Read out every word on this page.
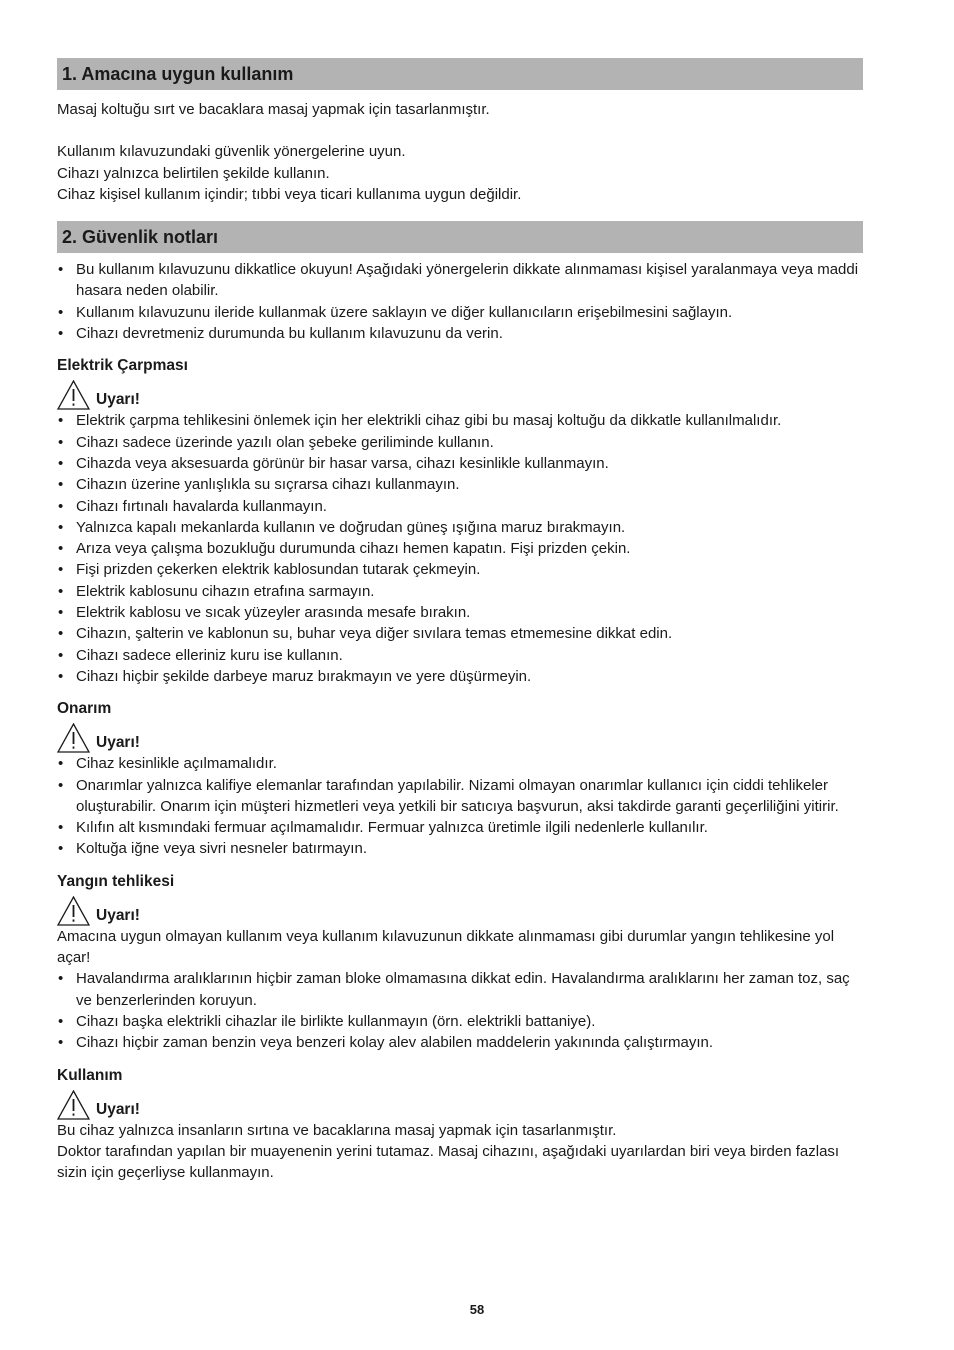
1. Amacına uygun kullanım

Masaj koltuğu sırt ve bacaklara masaj yapmak için tasarlanmıştır.

Kullanım kılavuzundaki güvenlik yönergelerine uyun.

Cihazı yalnızca belirtilen şekilde kullanın.

Cihaz kişisel kullanım içindir; tıbbi veya ticari kullanıma uygun değildir.

2. Güvenlik notları
• Bu kullanım kılavuzunu dikkatlice okuyun! Aşağıdaki yönergelerin dikkate alınmaması kişisel yaralanmaya veya maddi hasara neden olabilir.
• Kullanım kılavuzunu ileride kullanmak üzere saklayın ve diğer kullanıcıların erişebilmesini sağlayın.
• Cihazı devretmeniz durumunda bu kullanım kılavuzunu da verin.

Elektrik Çarpması

Uyarı!
• Elektrik çarpma tehlikesini önlemek için her elektrikli cihaz gibi bu masaj koltuğu da dikkatle kullanılmalıdır.
• Cihazı sadece üzerinde yazılı olan şebeke geriliminde kullanın.
• Cihazda veya aksesuarda görünür bir hasar varsa, cihazı kesinlikle kullanmayın.
• Cihazın üzerine yanlışlıkla su sıçrarsa cihazı kullanmayın.
• Cihazı fırtınalı havalarda kullanmayın.
• Yalnızca kapalı mekanlarda kullanın ve doğrudan güneş ışığına maruz bırakmayın.
• Arıza veya çalışma bozukluğu durumunda cihazı hemen kapatın. Fişi prizden çekin.
• Fişi prizden çekerken elektrik kablosundan tutarak çekmeyin.
• Elektrik kablosunu cihazın etrafına sarmayın.
• Elektrik kablosu ve sıcak yüzeyler arasında mesafe bırakın.
• Cihazın, şalterin ve kablonun su, buhar veya diğer sıvılara temas etmemesine dikkat edin.
• Cihazı sadece elleriniz kuru ise kullanın.
• Cihazı hiçbir şekilde darbeye maruz bırakmayın ve yere düşürmeyin.

Onarım

Uyarı!
• Cihaz kesinlikle açılmamalıdır.
• Onarımlar yalnızca kalifiye elemanlar tarafından yapılabilir. Nizami olmayan onarımlar kullanıcı için ciddi tehlikeler oluşturabilir. Onarım için müşteri hizmetleri veya yetkili bir satıcıya başvurun, aksi takdirde garanti geçerliliğini yitirir.
• Kılıfın alt kısmındaki fermuar açılmamalıdır. Fermuar yalnızca üretimle ilgili nedenlerle kullanılır.
• Koltuğa iğne veya sivri nesneler batırmayın.

Yangın tehlikesi

Uyarı!

Amacına uygun olmayan kullanım veya kullanım kılavuzunun dikkate alınmaması gibi durumlar yangın tehlikesine yol açar!

• Havalandırma aralıklarının hiçbir zaman bloke olmamasına dikkat edin. Havalandırma aralıklarını her zaman toz, saç ve benzerlerinden koruyun.
• Cihazı başka elektrikli cihazlar ile birlikte kullanmayın (örn. elektrikli battaniye).
• Cihazı hiçbir zaman benzin veya benzeri kolay alev alabilen maddelerin yakınında çalıştırmayın.

Kullanım

Uyarı!

Bu cihaz yalnızca insanların sırtına ve bacaklarına masaj yapmak için tasarlanmıştır.

Doktor tarafından yapılan bir muayenenin yerini tutamaz. Masaj cihazını, aşağıdaki uyarılardan biri veya birden fazlası sizin için geçerliyse kullanmayın.

58
